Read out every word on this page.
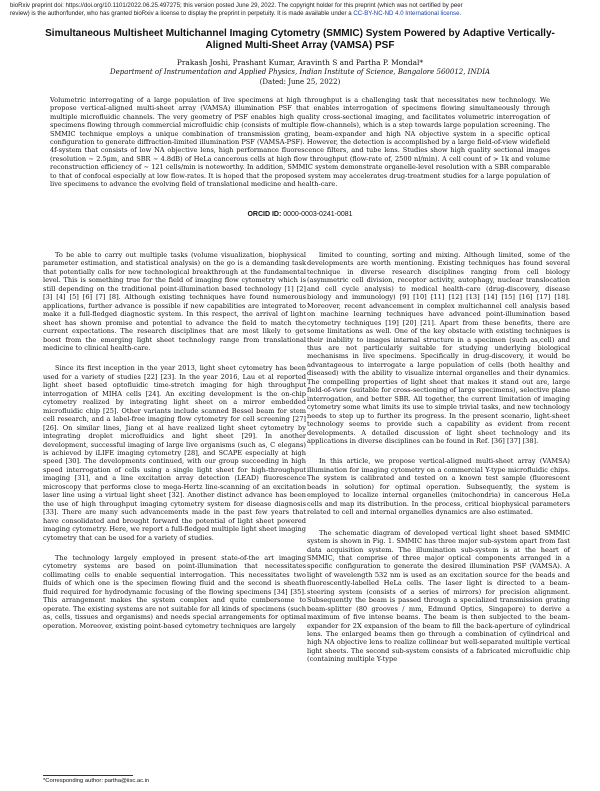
bioRxiv preprint doi: https://doi.org/10.1101/2022.06.25.497275; this version posted June 29, 2022. The copyright holder for this preprint (which was not certified by peer
review) is the author/funder, who has granted bioRxiv a license to display the preprint in perpetuity. It is made available under a CC-BY-NC-ND 4.0 International license.
Simultaneous Multisheet Multichannel Imaging Cytometry (SMMIC) System Powered by Adaptive Vertically-Aligned Multi-Sheet Array (VAMSA) PSF
Prakash Joshi, Prashant Kumar, Aravinth S and Partha P. Mondal*
Department of Instrumentation and Applied Physics, Indian Institute of Science, Bangalore 560012, INDIA
(Dated: June 25, 2022)
Volumetric interrogating of a large population of live specimens at high throughput is a challenging task that necessitates new technology. We propose vertical-aligned multi-sheet array (VAMSA) illumination PSF that enables interrogation of specimens flowing simultaneously through multiple microfluidic channels. The very geometry of PSF enables high quality cross-sectional imaging, and facilitates volumetric interrogation of specimens flowing through commercial microfluidic chip (consists of multiple flow-channels), which is a step towards large population screening. The SMMIC technique employs a unique combination of transmission grating, beam-expander and high NA objective system in a specific optical configuration to generate diffraction-limited illumination PSF (VAMSA-PSF). However, the detection is accomplished by a large field-of-view widefield 4f-system that consists of low NA objective lens, high performance fluorescence filters, and tube lens. Studies show high quality sectional images (resolution ∼ 2.5μm, and SBR ∼ 4.8dB) of HeLa cancerous cells at high flow throughput (flow-rate of, 2500 nl/min). A cell count of > 1k and volume reconstruction efficiency of ∼ 121 cells/min is noteworthy. In addition, SMMIC system demonstrate organelle-level resolution with a SBR comparable to that of confocal especially at low flow-rates. It is hoped that the proposed system may accelerates drug-treatment studies for a large population of live specimens to advance the evolving field of translational medicine and health-care.
ORCID ID: 0000-0003-0241-0081

To be able to carry out multiple tasks (volume visualization, biophysical parameter estimation, and statistical analysis) on the go is a demanding task that potentially calls for new technological breakthrough at the fundamental level. This is something true for the field of imaging flow cytometry which is still depending on the traditional point-illumination based technology [1] [2] [3] [4] [5] [6] [7] [8]. Although existing techniques have found numerous applications, further advance is possible if new capabilities are integrated to make it a full-fledged diagnostic system. In this respect, the arrival of light sheet has shown promise and potential to advance the field to match the current expectations. The research disciplines that are most likely to get boost from the emerging light sheet technology range from translational medicine to clinical health-care.

Since its first inception in the year 2013, light sheet cytometry has been used for a variety of studies [22] [23]. In the year 2016, Lau et al reported light sheet based optofluidic time-stretch imaging for high throughput interrogation of MIHA cells [24]. An exciting development is the on-chip cytometry realized by integrating light sheet on a mirror embedded microfluidic chip [25]. Other variants include scanned Bessel beam for stem cell research, and a label-free imaging flow cytometry for cell screening [27] [26]. On similar lines, Jiang et al have realized light sheet cytometry by integrating droplet microfluidics and light sheet [29]. In another development, successful imaging of large live organisms (such as, C elegans) is achieved by iLIFE imaging cytometry [28], and SCAPE especially at high speed [30]. The developments continued, with our group succeeding in high speed interrogation of cells using a single light sheet for high-throughput imaging [31], and a line excitation array detection (LEAD) fluorescence microscopy that performs close to mega-Hertz line-scanning of an excitation laser line using a virtual light sheet [32]. Another distinct advance has been the use of high throughput imaging cytometry system for disease diagnosis [33]. There are many such advancements made in the past few years that have consolidated and brought forward the potential of light sheet powered imaging cytometry. Here, we report a full-fledged multiple light sheet imaging cytometry that can be used for a variety of studies.

The technology largely employed in present state-of-the art imaging cytometry systems are based on point-illumination that necessitates collimating cells to enable sequential interrogation. This necessitates two fluids of which one is the specimen flowing fluid and the second is sheath fluid required for hydrodynamic focusing of the flowing specimens [34] [35]. This arrangement makes the system complex and quite cumbersome to operate. The existing systems are not suitable for all kinds of specimens (such as, cells, tissues and organisms) and needs special arrangements for optimal operation. Moreover, existing point-based cytometry techniques are largely

limited to counting, sorting and mixing. Although limited, some of the developments are worth mentioning. Existing techniques has found several technique in diverse research disciplines ranging from cell biology (asymmetric cell division, receptor activity, autophagy, nuclear translocation and cell cycle analysis) to medical health-care (drug-discovery, disease biology and immunology) [9] [10] [11] [12] [13] [14] [15] [16] [17] [18]. Moreover, recent advancement in complex multichannel cell analysis based on machine learning techniques have advanced point-illumination based cytometry techniques [19] [20] [21]. Apart from these benefits, there are some limitations as well. One of the key obstacle with existing techniques is their inability to images internal structure in a specimen (such as,cell) and thus are not particularly suitable for studying underlying biological mechanisms in live specimens. Specifically in drug-discovery, it would be advantageous to interrogate a large population of cells (both healthy and diseased) with the ability to visualize internal organelles and their dynamics. The compelling properties of light sheet that makes it stand out are, large field-of-view (suitable for cross-sectioning of large specimens), selective plane interrogation, and better SBR. All together, the current limitation of imaging cytometry some what limits its use to simple trivial tasks, and new technology needs to step up to further its progress. In the present scenario, light-sheet technology seems to provide such a capability as evident from recent developments. A detailed discussion of light sheet technology and its applications in diverse disciplines can be found in Ref. [36] [37] [38].

In this article, we propose vertical-aligned multi-sheet array (VAMSA) illumination for imaging cytometry on a commercial Y-type microfluidic chips. The system is calibrated and tested on a known test sample (fluorescent beads in solution) for optimal operation. Subsequently, the system is employed to localize internal organelles (mitochondria) in cancerous HeLa cells and map its distribution. In the process, critical biophysical parameters related to cell and internal organelles dynamics are also estimated.

The schematic diagram of developed vertical light sheet based SMMIC system is shown in Fig. 1. SMMIC has three major sub-system apart from fast data acquisition system. The illumination sub-system is at the heart of SMMIC, that comprise of three major optical components arranged in a specific configuration to generate the desired illumination PSF (VAMSA). A light of wavelength 532 nm is used as an excitation source for the beads and fluorescently-labelled HeLa cells. The laser light is directed to a beam-steering system (consists of a series of mirrors) for precision alignment. Subsequently the beam is passed through a specialized transmission grating beam-splitter (80 grooves / mm, Edmund Optics, Singapore) to derive a maximum of five intense beams. The beam is then subjected to the beam-expander for 2X expansion of the beam to fill the back-aperture of cylindrical lens. The enlarged beams then go through a combination of cylindrical and high NA objective lens to realize collinear but well-separated multiple vertical light sheets. The second sub-system consists of a fabricated microfluidic chip (containing multiple Y-type

*Corresponding author: partha@iisc.ac.in
